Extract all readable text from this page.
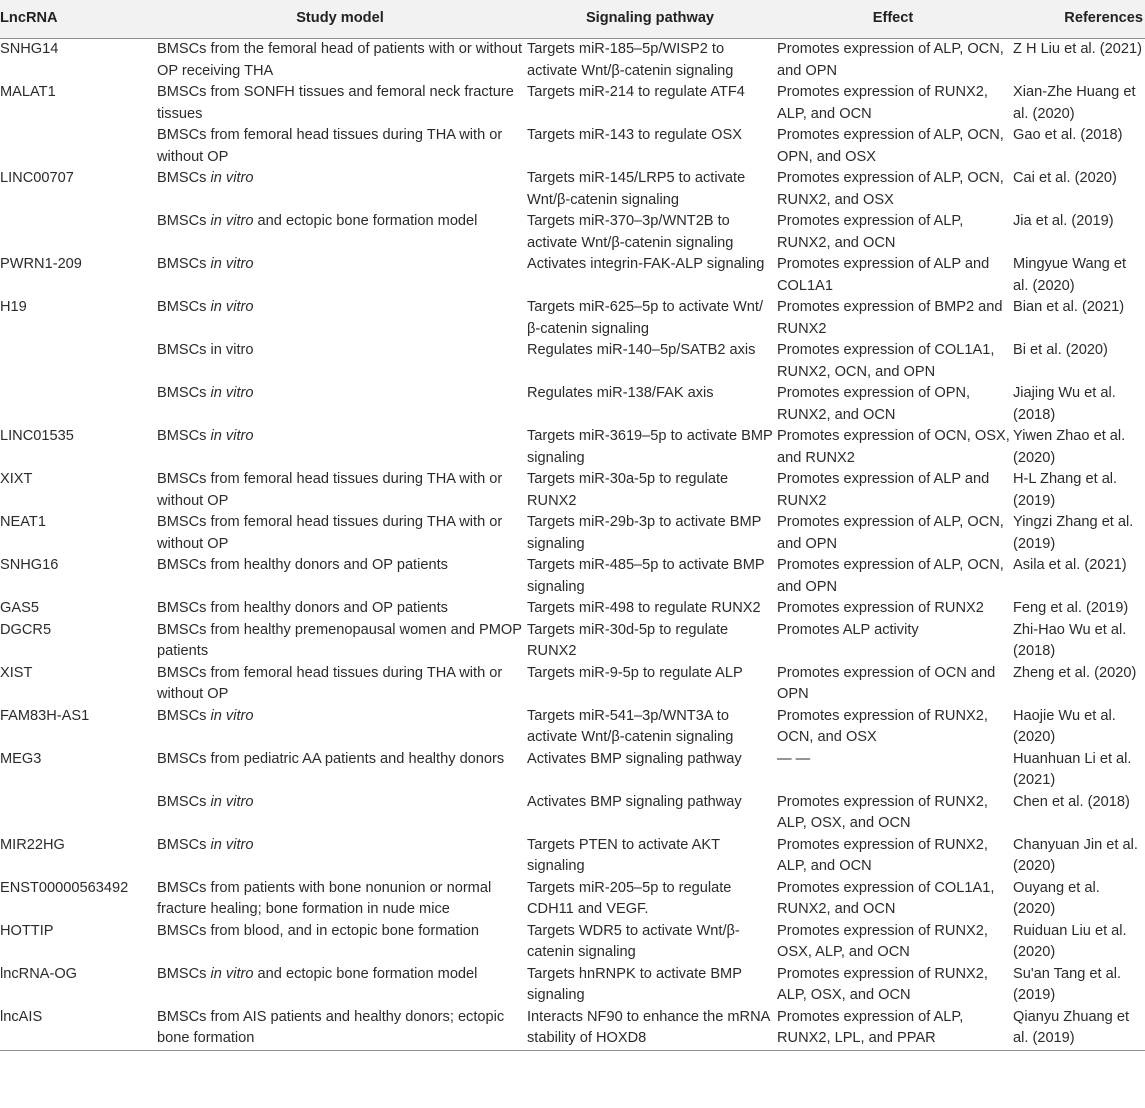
LncRNA	Study model	Signaling pathway	Effect	References
SNHG14	BMSCs from the femoral head of patients with or without OP receiving THA	Targets miR-185–5p/WISP2 to activate Wnt/β-catenin signaling	Promotes expression of ALP, OCN, and OPN	Z H Liu et al. (2021)
MALAT1	BMSCs from SONFH tissues and femoral neck fracture tissues	Targets miR-214 to regulate ATF4	Promotes expression of RUNX2, ALP, and OCN	Xian-Zhe Huang et al. (2020)
	BMSCs from femoral head tissues during THA with or without OP	Targets miR-143 to regulate OSX	Promotes expression of ALP, OCN, OPN, and OSX	Gao et al. (2018)
LINC00707	BMSCs in vitro	Targets miR-145/LRP5 to activate Wnt/β-catenin signaling	Promotes expression of ALP, OCN, RUNX2, and OSX	Cai et al. (2020)
	BMSCs in vitro and ectopic bone formation model	Targets miR-370–3p/WNT2B to activate Wnt/β-catenin signaling	Promotes expression of ALP, RUNX2, and OCN	Jia et al. (2019)
PWRN1-209	BMSCs in vitro	Activates integrin-FAK-ALP signaling	Promotes expression of ALP and COL1A1	Mingyue Wang et al. (2020)
H19	BMSCs in vitro	Targets miR-625–5p to activate Wnt/β-catenin signaling	Promotes expression of BMP2 and RUNX2	Bian et al. (2021)
	BMSCs in vitro	Regulates miR-140–5p/SATB2 axis	Promotes expression of COL1A1, RUNX2, OCN, and OPN	Bi et al. (2020)
	BMSCs in vitro	Regulates miR-138/FAK axis	Promotes expression of OPN, RUNX2, and OCN	Jiajing Wu et al. (2018)
LINC01535	BMSCs in vitro	Targets miR-3619–5p to activate BMP signaling	Promotes expression of OCN, OSX, and RUNX2	Yiwen Zhao et al. (2020)
XIXT	BMSCs from femoral head tissues during THA with or without OP	Targets miR-30a-5p to regulate RUNX2	Promotes expression of ALP and RUNX2	H-L Zhang et al. (2019)
NEAT1	BMSCs from femoral head tissues during THA with or without OP	Targets miR-29b-3p to activate BMP signaling	Promotes expression of ALP, OCN, and OPN	Yingzi Zhang et al. (2019)
SNHG16	BMSCs from healthy donors and OP patients	Targets miR-485–5p to activate BMP signaling	Promotes expression of ALP, OCN, and OPN	Asila et al. (2021)
GAS5	BMSCs from healthy donors and OP patients	Targets miR-498 to regulate RUNX2	Promotes expression of RUNX2	Feng et al. (2019)
DGCR5	BMSCs from healthy premenopausal women and PMOP patients	Targets miR-30d-5p to regulate RUNX2	Promotes ALP activity	Zhi-Hao Wu et al. (2018)
XIST	BMSCs from femoral head tissues during THA with or without OP	Targets miR-9-5p to regulate ALP	Promotes expression of OCN and OPN	Zheng et al. (2020)
FAM83H-AS1	BMSCs in vitro	Targets miR-541–3p/WNT3A to activate Wnt/β-catenin signaling	Promotes expression of RUNX2, OCN, and OSX	Haojie Wu et al. (2020)
MEG3	BMSCs from pediatric AA patients and healthy donors	Activates BMP signaling pathway	— —	Huanhuan Li et al. (2021)
	BMSCs in vitro	Activates BMP signaling pathway	Promotes expression of RUNX2, ALP, OSX, and OCN	Chen et al. (2018)
MIR22HG	BMSCs in vitro	Targets PTEN to activate AKT signaling	Promotes expression of RUNX2, ALP, and OCN	Chanyuan Jin et al. (2020)
ENST00000563492	BMSCs from patients with bone nonunion or normal fracture healing; bone formation in nude mice	Targets miR-205–5p to regulate CDH11 and VEGF.	Promotes expression of COL1A1, RUNX2, and OCN	Ouyang et al. (2020)
HOTTIP	BMSCs from blood, and in ectopic bone formation	Targets WDR5 to activate Wnt/β-catenin signaling	Promotes expression of RUNX2, OSX, ALP, and OCN	Ruiduan Liu et al. (2020)
lncRNA-OG	BMSCs in vitro and ectopic bone formation model	Targets hnRNPK to activate BMP signaling	Promotes expression of RUNX2, ALP, OSX, and OCN	Su'an Tang et al. (2019)
lncAIS	BMSCs from AIS patients and healthy donors; ectopic bone formation	Interacts NF90 to enhance the mRNA stability of HOXD8	Promotes expression of ALP, RUNX2, LPL, and PPAR	Qianyu Zhuang et al. (2019)
